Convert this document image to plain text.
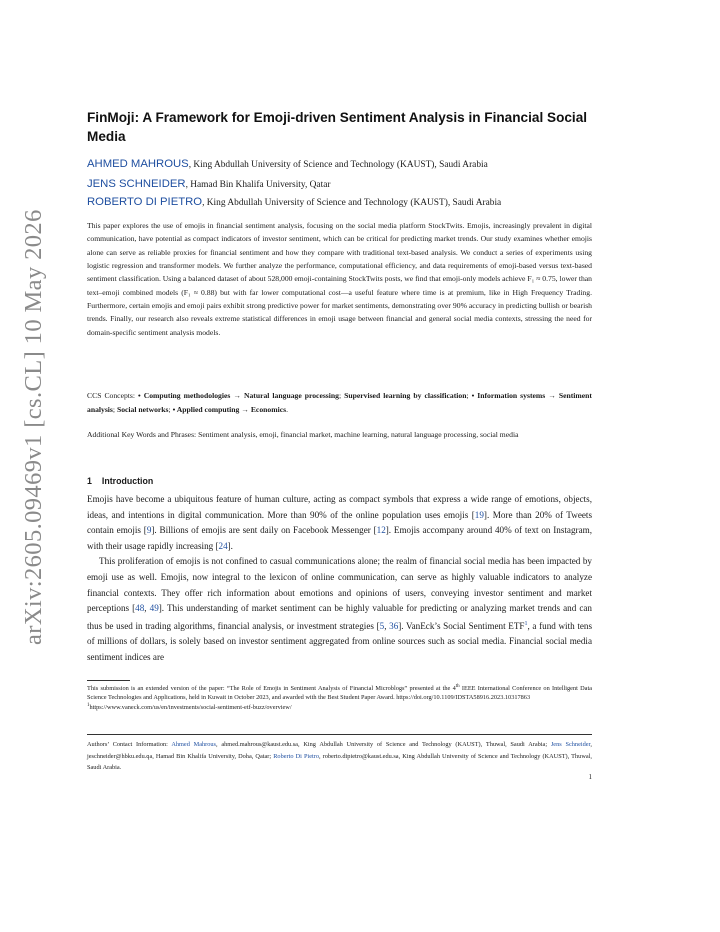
arXiv:2605.09469v1 [cs.CL] 10 May 2026
FinMoji: A Framework for Emoji-driven Sentiment Analysis in Financial Social Media
AHMED MAHROUS, King Abdullah University of Science and Technology (KAUST), Saudi Arabia
JENS SCHNEIDER, Hamad Bin Khalifa University, Qatar
ROBERTO DI PIETRO, King Abdullah University of Science and Technology (KAUST), Saudi Arabia
This paper explores the use of emojis in financial sentiment analysis, focusing on the social media platform StockTwits. Emojis, increasingly prevalent in digital communication, have potential as compact indicators of investor sentiment, which can be critical for predicting market trends. Our study examines whether emojis alone can serve as reliable proxies for financial sentiment and how they compare with traditional text-based analysis. We conduct a series of experiments using logistic regression and transformer models. We further analyze the performance, computational efficiency, and data requirements of emoji-based versus text-based sentiment classification. Using a balanced dataset of about 528,000 emoji-containing StockTwits posts, we find that emoji-only models achieve F₁ ≈ 0.75, lower than text–emoji combined models (F₁ ≈ 0.88) but with far lower computational cost—a useful feature where time is at premium, like in High Frequency Trading. Furthermore, certain emojis and emoji pairs exhibit strong predictive power for market sentiments, demonstrating over 90% accuracy in predicting bullish or bearish trends. Finally, our research also reveals extreme statistical differences in emoji usage between financial and general social media contexts, stressing the need for domain-specific sentiment analysis models.
CCS Concepts: • Computing methodologies → Natural language processing; Supervised learning by classification; • Information systems → Sentiment analysis; Social networks; • Applied computing → Economics.
Additional Key Words and Phrases: Sentiment analysis, emoji, financial market, machine learning, natural language processing, social media
1 Introduction

Emojis have become a ubiquitous feature of human culture, acting as compact symbols that express a wide range of emotions, objects, ideas, and intentions in digital communication. More than 90% of the online population uses emojis [19]. More than 20% of Tweets contain emojis [9]. Billions of emojis are sent daily on Facebook Messenger [12]. Emojis accompany around 40% of text on Instagram, with their usage rapidly increasing [24].

This proliferation of emojis is not confined to casual communications alone; the realm of financial social media has been impacted by emoji use as well. Emojis, now integral to the lexicon of online communication, can serve as highly valuable indicators to analyze financial contexts. They offer rich information about emotions and opinions of users, conveying investor sentiment and market perceptions [48, 49]. This understanding of market sentiment can be highly valuable for predicting or analyzing market trends and can thus be used in trading algorithms, financial analysis, or investment strategies [5, 36]. VanEck’s Social Sentiment ETF$^1$, a fund with tens of millions of dollars, is solely based on investor sentiment aggregated from online sources such as social media. Financial social media sentiment indices are

This submission is an extended version of the paper: “The Role of Emojis in Sentiment Analysis of Financial Microblogs” presented at the 4th IEEE International Conference on Intelligent Data Science Technologies and Applications, held in Kuwait in October 2023, and awarded with the Best Student Paper Award. https://doi.org/10.1109/IDSTA58916.2023.10317863
$^1$https://www.vaneck.com/us/en/investments/social-sentiment-etf-buzz/overview/
Authors’ Contact Information: Ahmed Mahrous, ahmed.mahrous@kaust.edu.sa, King Abdullah University of Science and Technology (KAUST), Thuwal, Saudi Arabia; Jens Schneider, jeschneider@hbku.edu.qa, Hamad Bin Khalifa University, Doha, Qatar; Roberto Di Pietro, roberto.dipietro@kaust.edu.sa, King Abdullah University of Science and Technology (KAUST), Thuwal, Saudi Arabia.
1
